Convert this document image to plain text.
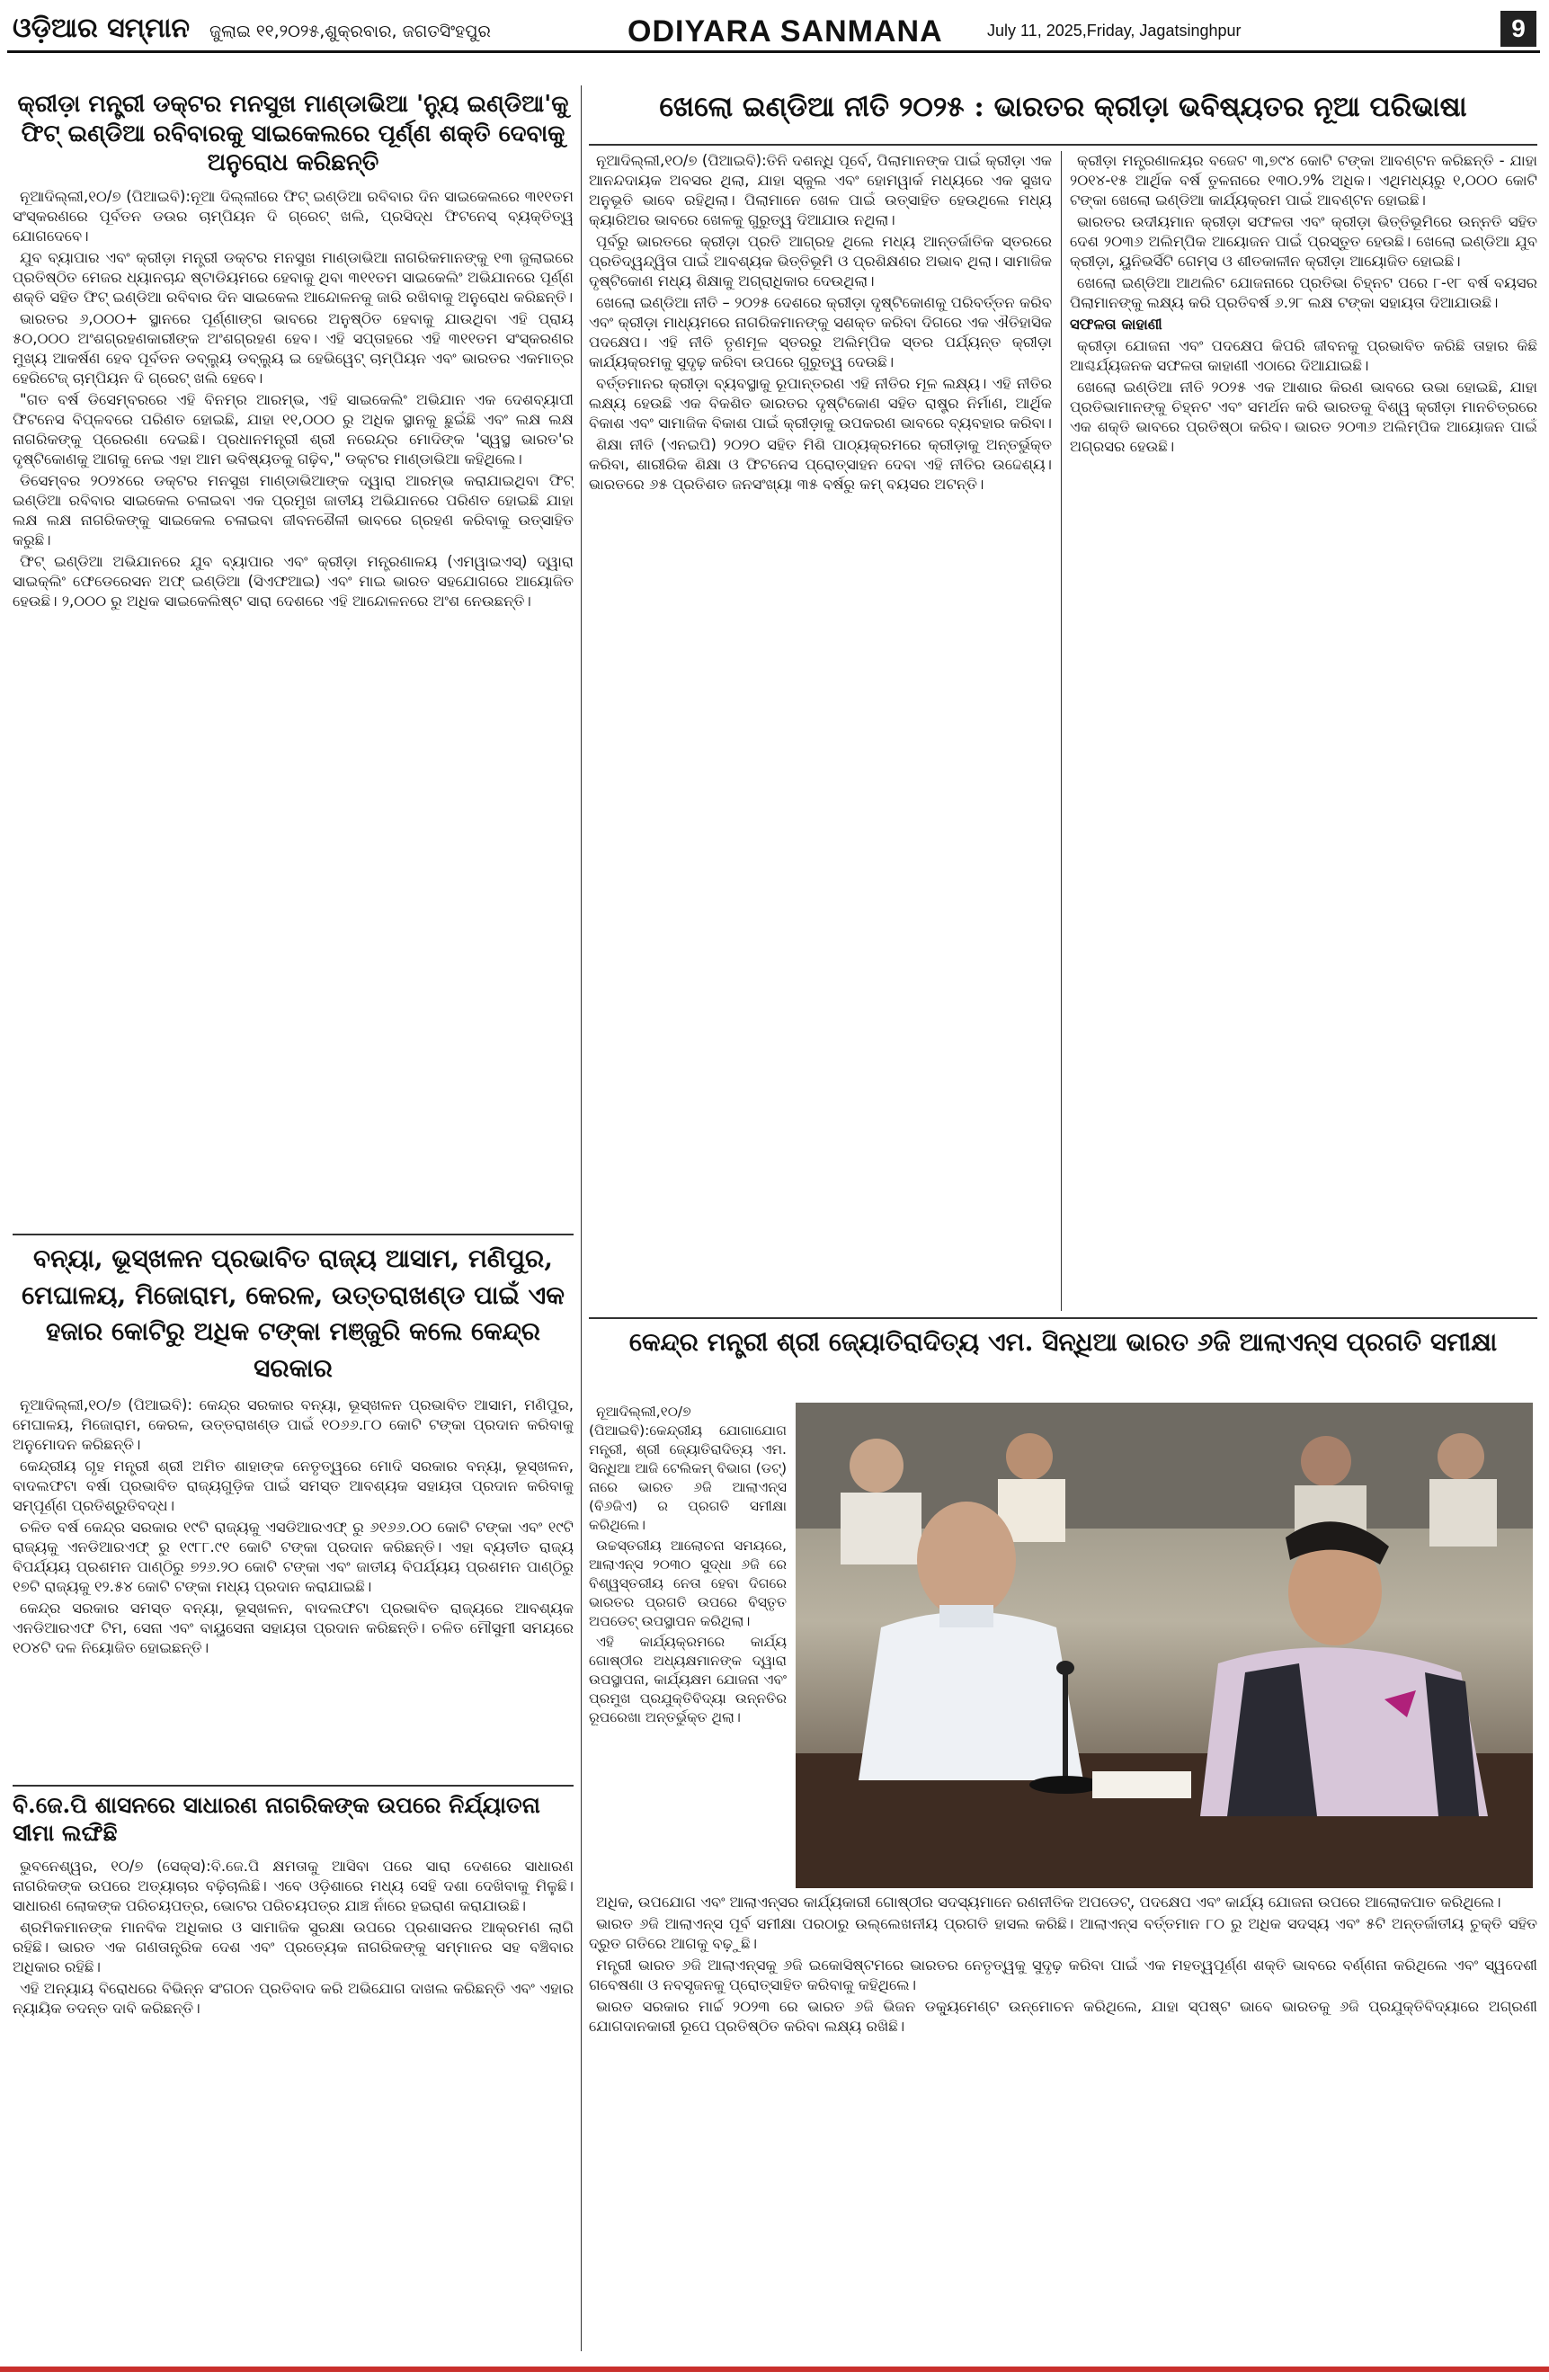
ଓଡ଼ିଆର ସମ୍ମାନ ଜୁଲାଇ ୧୧,୨୦୨୫,ଶୁକ୍ରବାର, ଜଗତସିଂହପୁର	ODIYARA SANMANA	July 11, 2025,Friday, Jagatsinghpur	9
କ୍ରୀଡ଼ା ମନ୍ତ୍ରୀ ଡକ୍ଟର ମନସୁଖ ମାଣ୍ଡାଭିଆ 'ନ୍ୟୁ ଇଣ୍ଡିଆ'କୁ ଫିଟ୍ ଇଣ୍ଡିଆ ରବିବାରକୁ ସାଇକେଲରେ ପୂର୍ଣ୍ଣ ଶକ୍ତି ଦେବାକୁ ଅନୁରୋଧ କରିଛନ୍ତି

ନୂଆଦିଲ୍ଲୀ,୧୦/୭ (ପିଆଇବି):ନୂଆ ଦିଲ୍ଲୀରେ ଫିଟ୍ ଇଣ୍ଡିଆ ରବିବାର ଦିନ ସାଇକେଲରେ ୩୧୧ତମ ସଂସ୍କରଣରେ ପୂର୍ବତନ ଡଉର ଚାମ୍ପିୟନ ଦି ଗ୍ରେଟ୍ ଖଲି, ପ୍ରସିଦ୍ଧ ଫିଟନେସ୍ ବ୍ୟକ୍ତିତ୍ୱ ଯୋଗଦେବେ।

ଯୁବ ବ୍ୟାପାର ଏବଂ କ୍ରୀଡ଼ା ମନ୍ତ୍ରୀ ଡକ୍ଟର ମନସୁଖ ମାଣ୍ଡାଭିଆ ନାଗରିକମାନଙ୍କୁ ୧୩ ଜୁଲାଇରେ ପ୍ରତିଷ୍ଠିତ ମେଜର ଧ୍ୟାନଚାନ୍ଦ ଷ୍ଟାଡିୟମରେ ହେବାକୁ ଥିବା ୩୧୧ତମ ସାଇକେଲିଂ ଅଭିଯାନରେ ପୂର୍ଣ୍ଣ ଶକ୍ତି ସହିତ ଫିଟ୍ ଇଣ୍ଡିଆ ରବିବାର ଦିନ ସାଇକେଲ ଆନ୍ଦୋଳନକୁ ଜାରି ରଖିବାକୁ ଅନୁରୋଧ କରିଛନ୍ତି।

ଭାରତର ୬,୦୦୦+ ସ୍ଥାନରେ ପୂର୍ଣ୍ଣାଙ୍ଗ ଭାବରେ ଅନୁଷ୍ଠିତ ହେବାକୁ ଯାଉଥିବା ଏହି ପ୍ରାୟ ୫୦,୦୦୦ ଅଂଶଗ୍ରହଣକାରୀଙ୍କ ଅଂଶଗ୍ରହଣ ହେବ। ଏହି ସପ୍ତାହରେ ଏହି ୩୧୧ତମ ସଂସ୍କରଣର ମୁଖ୍ୟ ଆକର୍ଷଣ ହେବ ପୂର୍ବତନ ଡବ୍ଲ୍ୟୁ ଡବ୍ଲ୍ୟୁ ଇ ହେଭିୱେଟ୍ ଚାମ୍ପିୟନ ଏବଂ ଭାରତର ଏକମାତ୍ର ହେରିଟେଜ୍ ଚାମ୍ପିୟନ ଦି ଗ୍ରେଟ୍ ଖଲି ହେବେ।

"ଗତ ବର୍ଷ ଡିସେମ୍ବରରେ ଏହି ବିନମ୍ର ଆରମ୍ଭ, ଏହି ସାଇକେଲିଂ ଅଭିଯାନ ଏକ ଦେଶବ୍ୟାପୀ ଫିଟନେସ ବିପ୍ଳବରେ ପରିଣତ ହୋଇଛି, ଯାହା ୧୧,୦୦୦ ରୁ ଅଧିକ ସ୍ଥାନକୁ ଛୁଇଁଛି ଏବଂ ଲକ୍ଷ ଲକ୍ଷ ନାଗରିକଙ୍କୁ ପ୍ରେରଣା ଦେଇଛି। ପ୍ରଧାନମନ୍ତ୍ରୀ ଶ୍ରୀ ନରେନ୍ଦ୍ର ମୋଦିଙ୍କ 'ସ୍ୱସ୍ଥ ଭାରତ'ର ଦୃଷ୍ଟିକୋଣକୁ ଆଗକୁ ନେଇ ଏହା ଆମ ଭବିଷ୍ୟତକୁ ଗଢ଼ିବ," ଡକ୍ଟର ମାଣ୍ଡାଭିଆ କହିଥିଲେ।

ଡିସେମ୍ବର ୨୦୨୪ରେ ଡକ୍ଟର ମନସୁଖ ମାଣ୍ଡାଭିଆଙ୍କ ଦ୍ୱାରା ଆରମ୍ଭ କରାଯାଇଥିବା ଫିଟ୍ ଇଣ୍ଡିଆ ରବିବାର ସାଇକେଲ ଚଳାଇବା ଏକ ପ୍ରମୁଖ ଜାତୀୟ ଅଭିଯାନରେ ପରିଣତ ହୋଇଛି ଯାହା ଲକ୍ଷ ଲକ୍ଷ ନାଗରିକଙ୍କୁ ସାଇକେଲ ଚଳାଇବା ଜୀବନଶୈଳୀ ଭାବରେ ଗ୍ରହଣ କରିବାକୁ ଉତ୍ସାହିତ କରୁଛି।

ଫିଟ୍ ଇଣ୍ଡିଆ ଅଭିଯାନରେ ଯୁବ ବ୍ୟାପାର ଏବଂ କ୍ରୀଡ଼ା ମନ୍ତ୍ରଣାଳୟ (ଏମୱାଇଏସ୍) ଦ୍ୱାରା ସାଇକ୍ଲିଂ ଫେଡେରେସନ ଅଫ୍ ଇଣ୍ଡିଆ (ସିଏଫଆଇ) ଏବଂ ମାଇ ଭାରତ ସହଯୋଗରେ ଆୟୋଜିତ ହେଉଛି। ୨,୦୦୦ ରୁ ଅଧିକ ସାଇକେଲିଷ୍ଟ ସାରା ଦେଶରେ ଏହି ଆନ୍ଦୋଳନରେ ଅଂଶ ନେଉଛନ୍ତି।

ବନ୍ୟା, ଭୂସ୍ଖଳନ ପ୍ରଭାବିତ ରାଜ୍ୟ ଆସାମ, ମଣିପୁର, ମେଘାଳୟ, ମିଜୋରାମ, କେରଳ, ଉତ୍ତରାଖଣ୍ଡ ପାଇଁ ଏକ ହଜାର କୋଟିରୁ ଅଧିକ ଟଙ୍କା ମଞ୍ଜୁରି କଲେ କେନ୍ଦ୍ର ସରକାର

ନୂଆଦିଲ୍ଲୀ,୧୦/୭ (ପିଆଇବି): କେନ୍ଦ୍ର ସରକାର ବନ୍ୟା, ଭୂସ୍ଖଳନ ପ୍ରଭାବିତ ଆସାମ, ମଣିପୁର, ମେଘାଳୟ, ମିଜୋରାମ, କେରଳ, ଉତ୍ତରାଖଣ୍ଡ ପାଇଁ ୧୦୬୬.୮୦ କୋଟି ଟଙ୍କା ପ୍ରଦାନ କରିବାକୁ ଅନୁମୋଦନ କରିଛନ୍ତି।

କେନ୍ଦ୍ରୀୟ ଗୃହ ମନ୍ତ୍ରୀ ଶ୍ରୀ ଅମିତ ଶାହାଙ୍କ ନେତୃତ୍ୱରେ ମୋଦି ସରକାର ବନ୍ୟା, ଭୂସ୍ଖଳନ, ବାଦଲଫଟା ବର୍ଷା ପ୍ରଭାବିତ ରାଜ୍ୟଗୁଡ଼ିକ ପାଇଁ ସମସ୍ତ ଆବଶ୍ୟକ ସହାୟତା ପ୍ରଦାନ କରିବାକୁ ସମ୍ପୂର୍ଣ୍ଣ ପ୍ରତିଶ୍ରୁତିବଦ୍ଧ।

ଚଳିତ ବର୍ଷ କେନ୍ଦ୍ର ସରକାର ୧୯ଟି ରାଜ୍ୟକୁ ଏସଡିଆରଏଫ୍ ରୁ ୬୧୬୬.୦୦ କୋଟି ଟଙ୍କା ଏବଂ ୧୯ଟି ରାଜ୍ୟକୁ ଏନଡିଆରଏଫ୍ ରୁ ୧୯୮୮.୯୧ କୋଟି ଟଙ୍କା ପ୍ରଦାନ କରିଛନ୍ତି। ଏହା ବ୍ୟତୀତ ରାଜ୍ୟ ବିପର୍ଯ୍ୟୟ ପ୍ରଶମନ ପାଣ୍ଠିରୁ ୭୨୬.୨୦ କୋଟି ଟଙ୍କା ଏବଂ ଜାତୀୟ ବିପର୍ଯ୍ୟୟ ପ୍ରଶମନ ପାଣ୍ଠିରୁ ୧୭ଟି ରାଜ୍ୟକୁ ୧୨.୫୪ କୋଟି ଟଙ୍କା ମଧ୍ୟ ପ୍ରଦାନ କରାଯାଇଛି।

କେନ୍ଦ୍ର ସରକାର ସମସ୍ତ ବନ୍ୟା, ଭୂସ୍ଖଳନ, ବାଦଲଫଟା ପ୍ରଭାବିତ ରାଜ୍ୟରେ ଆବଶ୍ୟକ ଏନଡିଆରଏଫ ଟିମ, ସେନା ଏବଂ ବାୟୁସେନା ସହାୟତା ପ୍ରଦାନ କରିଛନ୍ତି। ଚଳିତ ମୌସୁମୀ ସମୟରେ ୧୦୪ଟି ଦଳ ନିୟୋଜିତ ହୋଇଛନ୍ତି।

ବି.ଜେ.ପି ଶାସନରେ ସାଧାରଣ ନାଗରିକଙ୍କ ଉପରେ ନିର୍ଯ୍ୟାତନା ସୀମା ଲଙ୍ଘିଛି

ଭୁବନେଶ୍ୱର, ୧୦/୭ (ସେକ୍ସ):ବି.ଜେ.ପି କ୍ଷମତାକୁ ଆସିବା ପରେ ସାରା ଦେଶରେ ସାଧାରଣ ନାଗରିକଙ୍କ ଉପରେ ଅତ୍ୟାଚାର ବଢ଼ିଚାଲିଛି। ଏବେ ଓଡ଼ିଶାରେ ମଧ୍ୟ ସେହି ଦଶା ଦେଖିବାକୁ ମିଳୁଛି। ସାଧାରଣ ଲୋକଙ୍କ ପରିଚୟପତ୍ର, ଭୋଟର ପରିଚୟପତ୍ର ଯାଞ୍ଚ ନାଁରେ ହଇରାଣ କରାଯାଉଛି।

ଶ୍ରମିକମାନଙ୍କ ମାନବିକ ଅଧିକାର ଓ ସାମାଜିକ ସୁରକ୍ଷା ଉପରେ ପ୍ରଶାସନର ଆକ୍ରମଣ ଲାଗି ରହିଛି। ଭାରତ ଏକ ଗଣତାନ୍ତ୍ରିକ ଦେଶ ଏବଂ ପ୍ରତ୍ୟେକ ନାଗରିକଙ୍କୁ ସମ୍ମାନର ସହ ବଞ୍ଚିବାର ଅଧିକାର ରହିଛି।

ଏହି ଅନ୍ୟାୟ ବିରୋଧରେ ବିଭିନ୍ନ ସଂଗଠନ ପ୍ରତିବାଦ କରି ଅଭିଯୋଗ ଦାଖଲ କରିଛନ୍ତି ଏବଂ ଏହାର ନ୍ୟାୟିକ ତଦନ୍ତ ଦାବି କରିଛନ୍ତି।

ଖେଲୋ ଇଣ୍ଡିଆ ନୀତି ୨୦୨୫ : ଭାରତର କ୍ରୀଡ଼ା ଭବିଷ୍ୟତର ନୂଆ ପରିଭାଷା

ନୂଆଦିଲ୍ଲୀ,୧୦/୭ (ପିଆଇବି):ତିନି ଦଶନ୍ଧି ପୂର୍ବେ, ପିଲାମାନଙ୍କ ପାଇଁ କ୍ରୀଡ଼ା ଏକ ଆନନ୍ଦଦାୟକ ଅବସର ଥିଲା, ଯାହା ସ୍କୁଲ ଏବଂ ହୋମୱାର୍କ ମଧ୍ୟରେ ଏକ ସୁଖଦ ଅନୁଭୂତି ଭାବେ ରହିଥିଲା। ପିଲାମାନେ ଖେଳ ପାଇଁ ଉତ୍ସାହିତ ହେଉଥିଲେ ମଧ୍ୟ କ୍ୟାରିଅର ଭାବରେ ଖେଳକୁ ଗୁରୁତ୍ୱ ଦିଆଯାଉ ନଥିଲା।

ପୂର୍ବରୁ ଭାରତରେ କ୍ରୀଡ଼ା ପ୍ରତି ଆଗ୍ରହ ଥିଲେ ମଧ୍ୟ ଆନ୍ତର୍ଜାତିକ ସ୍ତରରେ ପ୍ରତିଦ୍ୱନ୍ଦ୍ୱିତା ପାଇଁ ଆବଶ୍ୟକ ଭିତ୍ତିଭୂମି ଓ ପ୍ରଶିକ୍ଷଣର ଅଭାବ ଥିଲା। ସାମାଜିକ ଦୃଷ୍ଟିକୋଣ ମଧ୍ୟ ଶିକ୍ଷାକୁ ଅଗ୍ରାଧିକାର ଦେଉଥିଲା।

ଖେଲୋ ଇଣ୍ଡିଆ ନୀତି – ୨୦୨୫ ଦେଶରେ କ୍ରୀଡ଼ା ଦୃଷ୍ଟିକୋଣକୁ ପରିବର୍ତ୍ତନ କରିବ ଏବଂ କ୍ରୀଡ଼ା ମାଧ୍ୟମରେ ନାଗରିକମାନଙ୍କୁ ସଶକ୍ତ କରିବା ଦିଗରେ ଏକ ଐତିହାସିକ ପଦକ୍ଷେପ। ଏହି ନୀତି ତୃଣମୂଳ ସ୍ତରରୁ ଅଲିମ୍ପିକ ସ୍ତର ପର୍ଯ୍ୟନ୍ତ କ୍ରୀଡ଼ା କାର୍ଯ୍ୟକ୍ରମକୁ ସୁଦୃଢ଼ କରିବା ଉପରେ ଗୁରୁତ୍ୱ ଦେଉଛି।

ବର୍ତ୍ତମାନର କ୍ରୀଡ଼ା ବ୍ୟବସ୍ଥାକୁ ରୂପାନ୍ତରଣ ଏହି ନୀତିର ମୂଳ ଲକ୍ଷ୍ୟ। ଏହି ନୀତିର ଲକ୍ଷ୍ୟ ହେଉଛି ଏକ ବିକଶିତ ଭାରତର ଦୃଷ୍ଟିକୋଣ ସହିତ ରାଷ୍ଟ୍ର ନିର୍ମାଣ, ଆର୍ଥିକ ବିକାଶ ଏବଂ ସାମାଜିକ ବିକାଶ ପାଇଁ କ୍ରୀଡ଼ାକୁ ଉପକରଣ ଭାବରେ ବ୍ୟବହାର କରିବା।

ଶିକ୍ଷା ନୀତି (ଏନଇପି) ୨୦୨୦ ସହିତ ମିଶି ପାଠ୍ୟକ୍ରମରେ କ୍ରୀଡ଼ାକୁ ଅନ୍ତର୍ଭୁକ୍ତ କରିବା, ଶାରୀରିକ ଶିକ୍ଷା ଓ ଫିଟନେସ ପ୍ରୋତ୍ସାହନ ଦେବା ଏହି ନୀତିର ଉଦ୍ଦେଶ୍ୟ। ଭାରତରେ ୬୫ ପ୍ରତିଶତ ଜନସଂଖ୍ୟା ୩୫ ବର୍ଷରୁ କମ୍ ବୟସର ଅଟନ୍ତି।

କ୍ରୀଡ଼ା ମନ୍ତ୍ରଣାଳୟର ବଜେଟ ୩,୭୯୪ କୋଟି ଟଙ୍କା ଆବଣ୍ଟନ କରିଛନ୍ତି - ଯାହା ୨୦୧୪-୧୫ ଆର୍ଥିକ ବର୍ଷ ତୁଳନାରେ ୧୩୦.୨% ଅଧିକ। ଏଥିମଧ୍ୟରୁ ୧,୦୦୦ କୋଟି ଟଙ୍କା ଖେଲୋ ଇଣ୍ଡିଆ କାର୍ଯ୍ୟକ୍ରମ ପାଇଁ ଆବଣ୍ଟନ ହୋଇଛି।

ଭାରତର ଉଦୀୟମାନ କ୍ରୀଡ଼ା ସଫଳତା ଏବଂ କ୍ରୀଡ଼ା ଭିତ୍ତିଭୂମିରେ ଉନ୍ନତି ସହିତ ଦେଶ ୨୦୩୬ ଅଲିମ୍ପିକ ଆୟୋଜନ ପାଇଁ ପ୍ରସ୍ତୁତ ହେଉଛି। ଖେଲୋ ଇଣ୍ଡିଆ ଯୁବ କ୍ରୀଡ଼ା, ୟୁନିଭର୍ସିଟି ଗେମ୍ସ ଓ ଶୀତକାଳୀନ କ୍ରୀଡ଼ା ଆୟୋଜିତ ହୋଇଛି।

ଖେଲୋ ଇଣ୍ଡିଆ ଆଥଲିଟ ଯୋଜନାରେ ପ୍ରତିଭା ଚିହ୍ନଟ ପରେ ୮-୧୮ ବର୍ଷ ବୟସର ପିଲାମାନଙ୍କୁ ଲକ୍ଷ୍ୟ କରି ପ୍ରତିବର୍ଷ ୬.୨୮ ଲକ୍ଷ ଟଙ୍କା ସହାୟତା ଦିଆଯାଉଛି।

ସଫଳତା କାହାଣୀ

କ୍ରୀଡ଼ା ଯୋଜନା ଏବଂ ପଦକ୍ଷେପ କିପରି ଜୀବନକୁ ପ୍ରଭାବିତ କରିଛି ତାହାର କିଛି ଆଶ୍ଚର୍ଯ୍ୟଜନକ ସଫଳତା କାହାଣୀ ଏଠାରେ ଦିଆଯାଇଛି।

ଖେଲୋ ଇଣ୍ଡିଆ ନୀତି ୨୦୨୫ ଏକ ଆଶାର କିରଣ ଭାବରେ ଉଭା ହୋଇଛି, ଯାହା ପ୍ରତିଭାମାନଙ୍କୁ ଚିହ୍ନଟ ଏବଂ ସମର୍ଥନ କରି ଭାରତକୁ ବିଶ୍ୱ କ୍ରୀଡ଼ା ମାନଚିତ୍ରରେ ଏକ ଶକ୍ତି ଭାବରେ ପ୍ରତିଷ୍ଠା କରିବ। ଭାରତ ୨୦୩୬ ଅଲିମ୍ପିକ ଆୟୋଜନ ପାଇଁ ଅଗ୍ରସର ହେଉଛି।

କେନ୍ଦ୍ର ମନ୍ତ୍ରୀ ଶ୍ରୀ ଜ୍ୟୋତିରାଦିତ୍ୟ ଏମ. ସିନ୍ଧିଆ ଭାରତ ୬ଜି ଆଲାଏନ୍ସ ପ୍ରଗତି ସମୀକ୍ଷା

ନୂଆଦିଲ୍ଲୀ,୧୦/୭ (ପିଆଇବି):କେନ୍ଦ୍ରୀୟ ଯୋଗାଯୋଗ ମନ୍ତ୍ରୀ, ଶ୍ରୀ ଜ୍ୟୋତିରାଦିତ୍ୟ ଏମ. ସିନ୍ଧିଆ ଆଜି ଟେଲିକମ୍ ବିଭାଗ (ଡଟ୍) ନାରେ ଭାରତ ୬ଜି ଆଲାଏନ୍ସ (ବି୬ଜିଏ) ର ପ୍ରଗତି ସମୀକ୍ଷା କରିଥିଲେ।

ଉଚ୍ଚସ୍ତରୀୟ ଆଲୋଚନା ସମୟରେ, ଆଲାଏନ୍ସ ୨୦୩୦ ସୁଦ୍ଧା ୬ଜି ରେ ବିଶ୍ୱସ୍ତରୀୟ ନେତା ହେବା ଦିଗରେ ଭାରତର ପ୍ରଗତି ଉପରେ ବିସ୍ତୃତ ଅପଡେଟ୍ ଉପସ୍ଥାପନ କରିଥିଲା।

ଏହି କାର୍ଯ୍ୟକ୍ରମରେ କାର୍ଯ୍ୟ ଗୋଷ୍ଠୀର ଅଧ୍ୟକ୍ଷମାନଙ୍କ ଦ୍ୱାରା ଉପସ୍ଥାପନା, କାର୍ଯ୍ୟକ୍ଷମ ଯୋଜନା ଏବଂ ପ୍ରମୁଖ ପ୍ରଯୁକ୍ତିବିଦ୍ୟା ଉନ୍ନତିର ରୂପରେଖା ଅନ୍ତର୍ଭୁକ୍ତ ଥିଲା।

ଅଧିକ, ଉପଯୋଗ ଏବଂ ଆଲାଏନ୍ସର କାର୍ଯ୍ୟକାରୀ ଗୋଷ୍ଠୀର ସଦସ୍ୟମାନେ ରଣନୀତିକ ଅପଡେଟ୍, ପଦକ୍ଷେପ ଏବଂ କାର୍ଯ୍ୟ ଯୋଜନା ଉପରେ ଆଲୋକପାତ କରିଥିଲେ।

ଭାରତ ୬ଜି ଆଲାଏନ୍ସ ପୂର୍ବ ସମୀକ୍ଷା ପରଠାରୁ ଉଲ୍ଲେଖନୀୟ ପ୍ରଗତି ହାସଲ କରିଛି। ଆଲାଏନ୍ସ ବର୍ତ୍ତମାନ ୮୦ ରୁ ଅଧିକ ସଦସ୍ୟ ଏବଂ ୫ଟି ଅନ୍ତର୍ଜାତୀୟ ଚୁକ୍ତି ସହିତ ଦ୍ରୁତ ଗତିରେ ଆଗକୁ ବଢ଼ୁଛି।

ମନ୍ତ୍ରୀ ଭାରତ ୬ଜି ଆଲାଏନ୍ସକୁ ୬ଜି ଇକୋସିଷ୍ଟମରେ ଭାରତର ନେତୃତ୍ୱକୁ ସୁଦୃଢ଼ କରିବା ପାଇଁ ଏକ ମହତ୍ୱପୂର୍ଣ୍ଣ ଶକ୍ତି ଭାବରେ ବର୍ଣ୍ଣନା କରିଥିଲେ ଏବଂ ସ୍ୱଦେଶୀ ଗବେଷଣା ଓ ନବସୃଜନକୁ ପ୍ରୋତ୍ସାହିତ କରିବାକୁ କହିଥିଲେ।

ଭାରତ ସରକାର ମାର୍ଚ୍ଚ ୨୦୨୩ ରେ ଭାରତ ୬ଜି ଭିଜନ ଡକ୍ୟୁମେଣ୍ଟ ଉନ୍ମୋଚନ କରିଥିଲେ, ଯାହା ସ୍ପଷ୍ଟ ଭାବେ ଭାରତକୁ ୬ଜି ପ୍ରଯୁକ୍ତିବିଦ୍ୟାରେ ଅଗ୍ରଣୀ ଯୋଗଦାନକାରୀ ରୂପେ ପ୍ରତିଷ୍ଠିତ କରିବା ଲକ୍ଷ୍ୟ ରଖିଛି।
